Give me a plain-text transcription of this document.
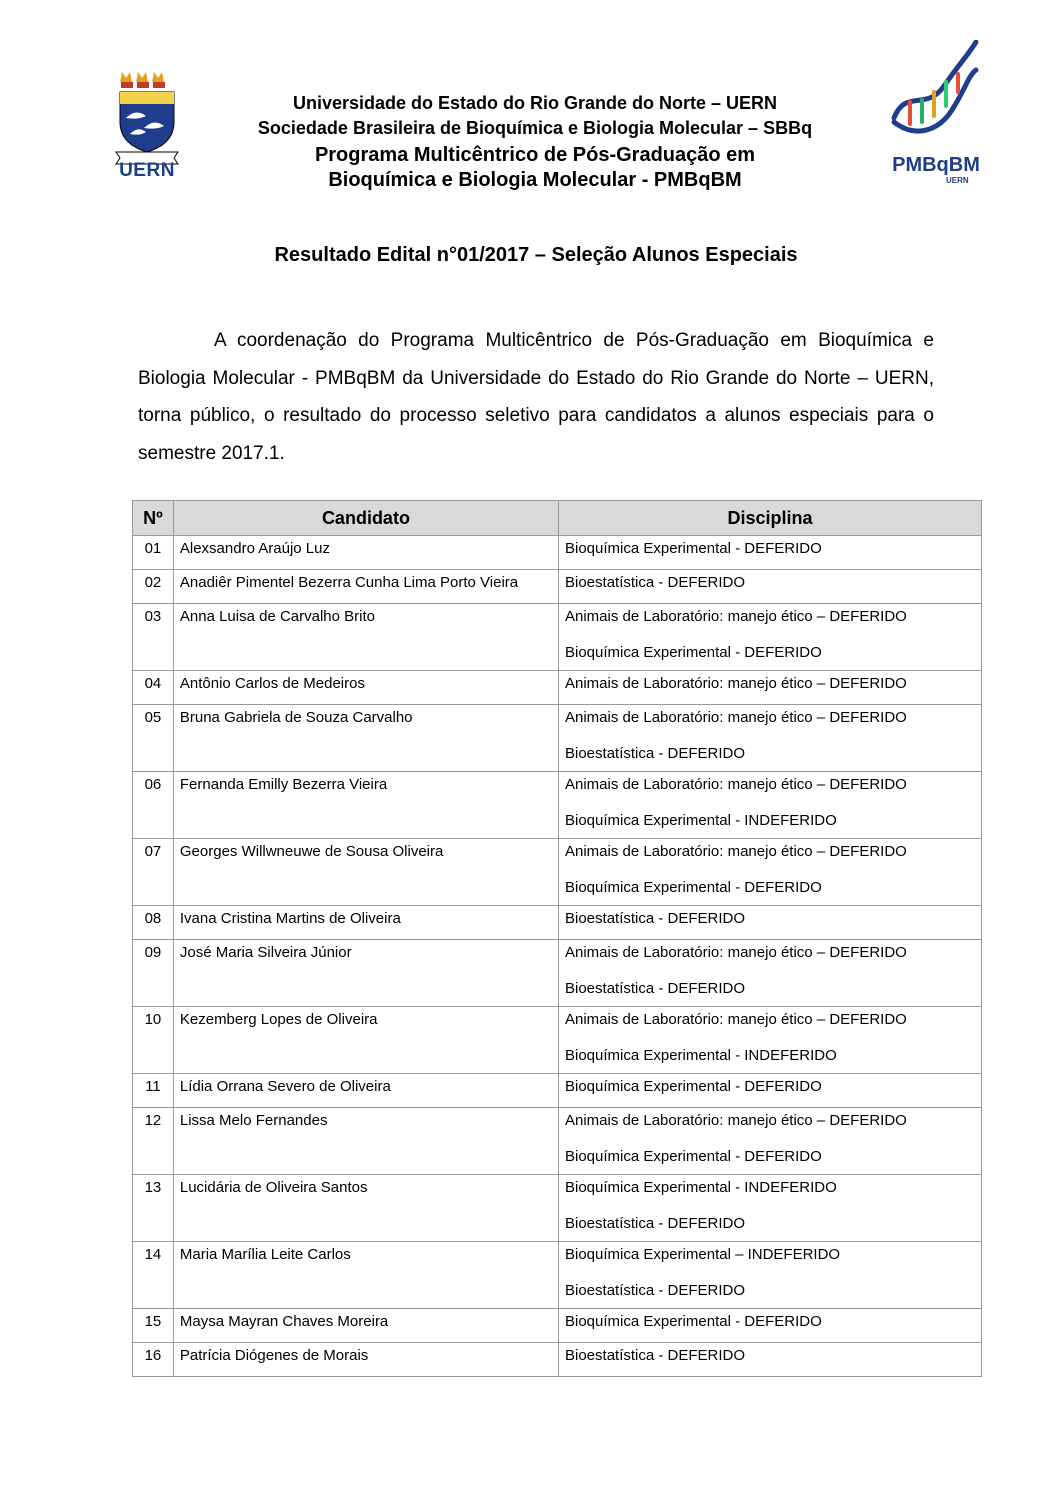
UERN	PMBqBM
UERN
Universidade do Estado do Rio Grande do Norte – UERN
Sociedade Brasileira de Bioquímica e Biologia Molecular – SBBq
Programa Multicêntrico de Pós-Graduação em
Bioquímica e Biologia Molecular - PMBqBM
Resultado Edital n°01/2017 – Seleção Alunos Especiais

A coordenação do Programa Multicêntrico de Pós-Graduação em Bioquímica e Biologia Molecular - PMBqBM da Universidade do Estado do Rio Grande do Norte – UERN, torna público, o resultado do processo seletivo para candidatos a alunos especiais para o semestre 2017.1.

Nº	Candidato	Disciplina
01	Alexsandro Araújo Luz	Bioquímica Experimental - DEFERIDO

02	Anadiêr Pimentel Bezerra Cunha Lima Porto Vieira	Bioestatística - DEFERIDO

03	Anna Luisa de Carvalho Brito	Animais de Laboratório: manejo ético – DEFERIDO
Bioquímica Experimental - DEFERIDO

04	Antônio Carlos de Medeiros	Animais de Laboratório: manejo ético – DEFERIDO

05	Bruna Gabriela de Souza Carvalho	Animais de Laboratório: manejo ético – DEFERIDO
Bioestatística - DEFERIDO

06	Fernanda Emilly Bezerra Vieira	Animais de Laboratório: manejo ético – DEFERIDO
Bioquímica Experimental - INDEFERIDO

07	Georges Willwneuwe de Sousa Oliveira	Animais de Laboratório: manejo ético – DEFERIDO
Bioquímica Experimental - DEFERIDO

08	Ivana Cristina Martins de Oliveira	Bioestatística - DEFERIDO

09	José Maria Silveira Júnior	Animais de Laboratório: manejo ético – DEFERIDO
Bioestatística - DEFERIDO

10	Kezemberg Lopes de Oliveira	Animais de Laboratório: manejo ético – DEFERIDO
Bioquímica Experimental - INDEFERIDO

11	Lídia Orrana Severo de Oliveira	Bioquímica Experimental - DEFERIDO

12	Lissa Melo Fernandes	Animais de Laboratório: manejo ético – DEFERIDO
Bioquímica Experimental - DEFERIDO

13	Lucidária de Oliveira Santos	Bioquímica Experimental - INDEFERIDO
Bioestatística - DEFERIDO

14	Maria Marília Leite Carlos	Bioquímica Experimental – INDEFERIDO
Bioestatística - DEFERIDO

15	Maysa Mayran Chaves Moreira	Bioquímica Experimental - DEFERIDO

16	Patrícia Diógenes de Morais	Bioestatística - DEFERIDO
